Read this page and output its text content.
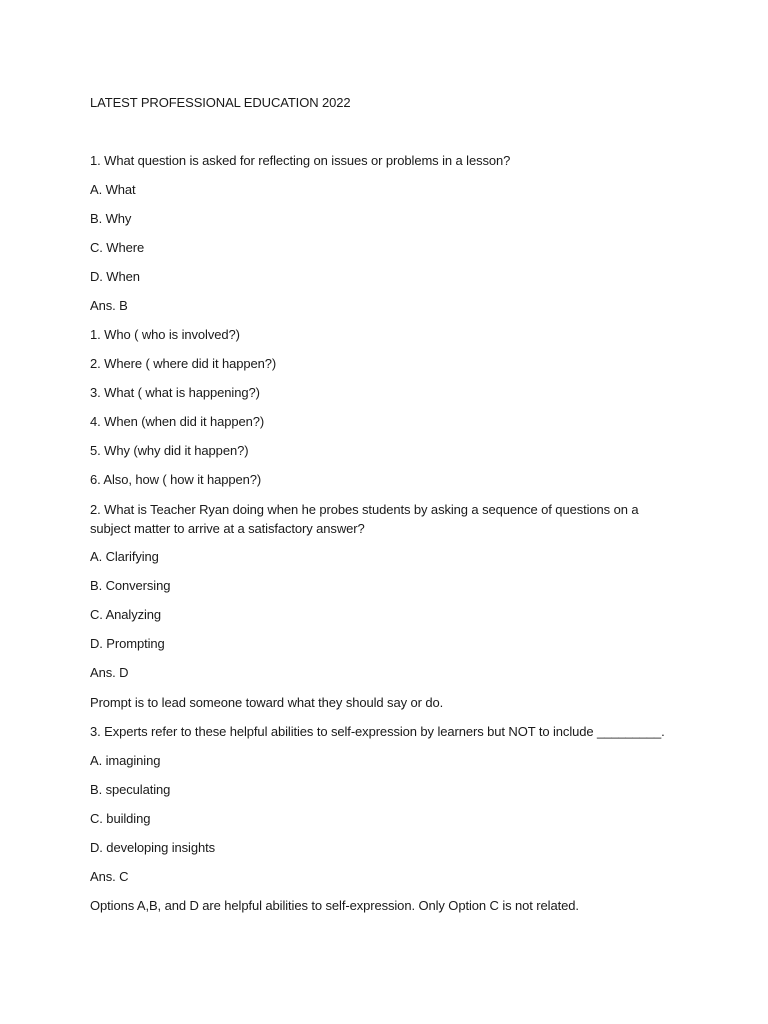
LATEST PROFESSIONAL EDUCATION 2022
1. What question is asked for reflecting on issues or problems in a lesson?
A. What
B. Why
C. Where
D. When
Ans. B
1. Who ( who is involved?)
2. Where ( where did it happen?)
3. What ( what is happening?)
4. When (when did it happen?)
5. Why (why did it happen?)
6. Also, how ( how it happen?)
2. What is Teacher Ryan doing when he probes students by asking a sequence of questions on a subject matter to arrive at a satisfactory answer?
A. Clarifying
B. Conversing
C. Analyzing
D. Prompting
Ans. D
Prompt is to lead someone toward what they should say or do.
3. Experts refer to these helpful abilities to self-expression by learners but NOT to include _________.
A. imagining
B. speculating
C. building
D. developing insights
Ans. C
Options A,B, and D are helpful abilities to self-expression. Only Option C is not related.
